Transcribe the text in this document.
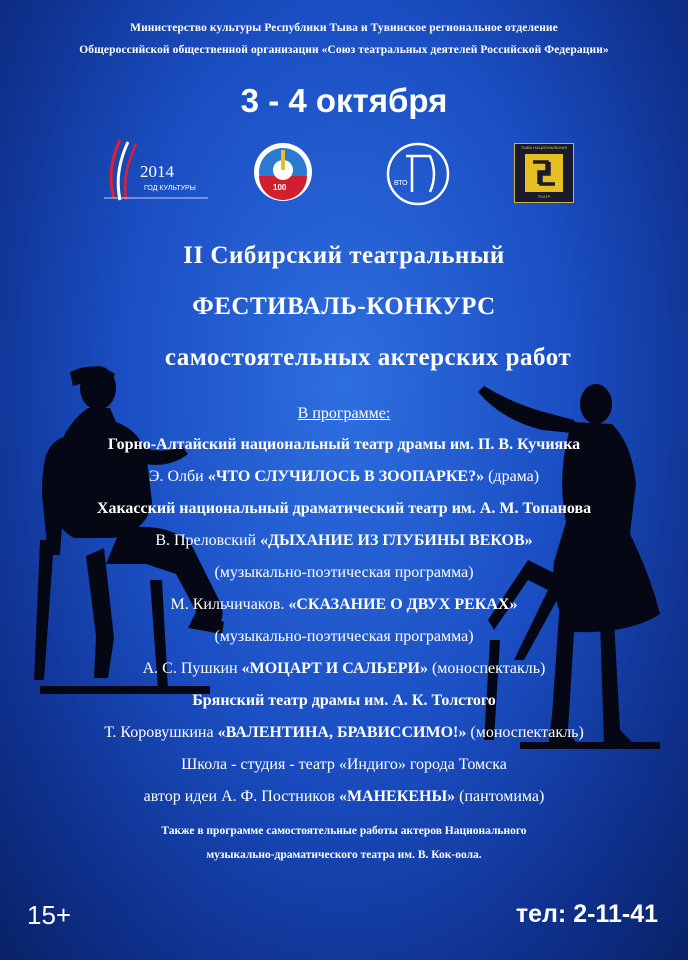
Министерство культуры Республики Тыва и Тувинское региональное отделение
Общероссийской общественной организации «Союз театральных деятелей Российской Федерации»
3 - 4 октября
2014
ГОД КУЛЬТУРЫ	100	ВТО
ТЫВА НАЦИОНАЛЬНАЯ
ТЕАТР
II Сибирский театральный
ФЕСТИВАЛЬ-КОНКУРС
самостоятельных актерских работ
В программе:
Горно-Алтайский национальный театр драмы им. П. В. Кучияка
Э. Олби «ЧТО СЛУЧИЛОСЬ В ЗООПАРКЕ?» (драма)
Хакасский национальный драматический театр им. А. М. Топанова
В. Преловский «ДЫХАНИЕ ИЗ ГЛУБИНЫ ВЕКОВ»
(музыкально-поэтическая программа)
М. Кильчичаков. «СКАЗАНИЕ О ДВУХ РЕКАХ»
(музыкально-поэтическая программа)
А. С. Пушкин «МОЦАРТ И САЛЬЕРИ» (моноспектакль)
Брянский театр драмы им. А. К. Толстого
Т. Коровушкина «ВАЛЕНТИНА, БРАВИССИМО!» (моноспектакль)
Школа - студия - театр «Индиго» города Томска
автор идеи А. Ф. Постников «МАНЕКЕНЫ» (пантомима)
Также в программе самостоятельные работы актеров Национального
музыкально-драматического театра им. В. Кок-оола.
15+	тел: 2-11-41
